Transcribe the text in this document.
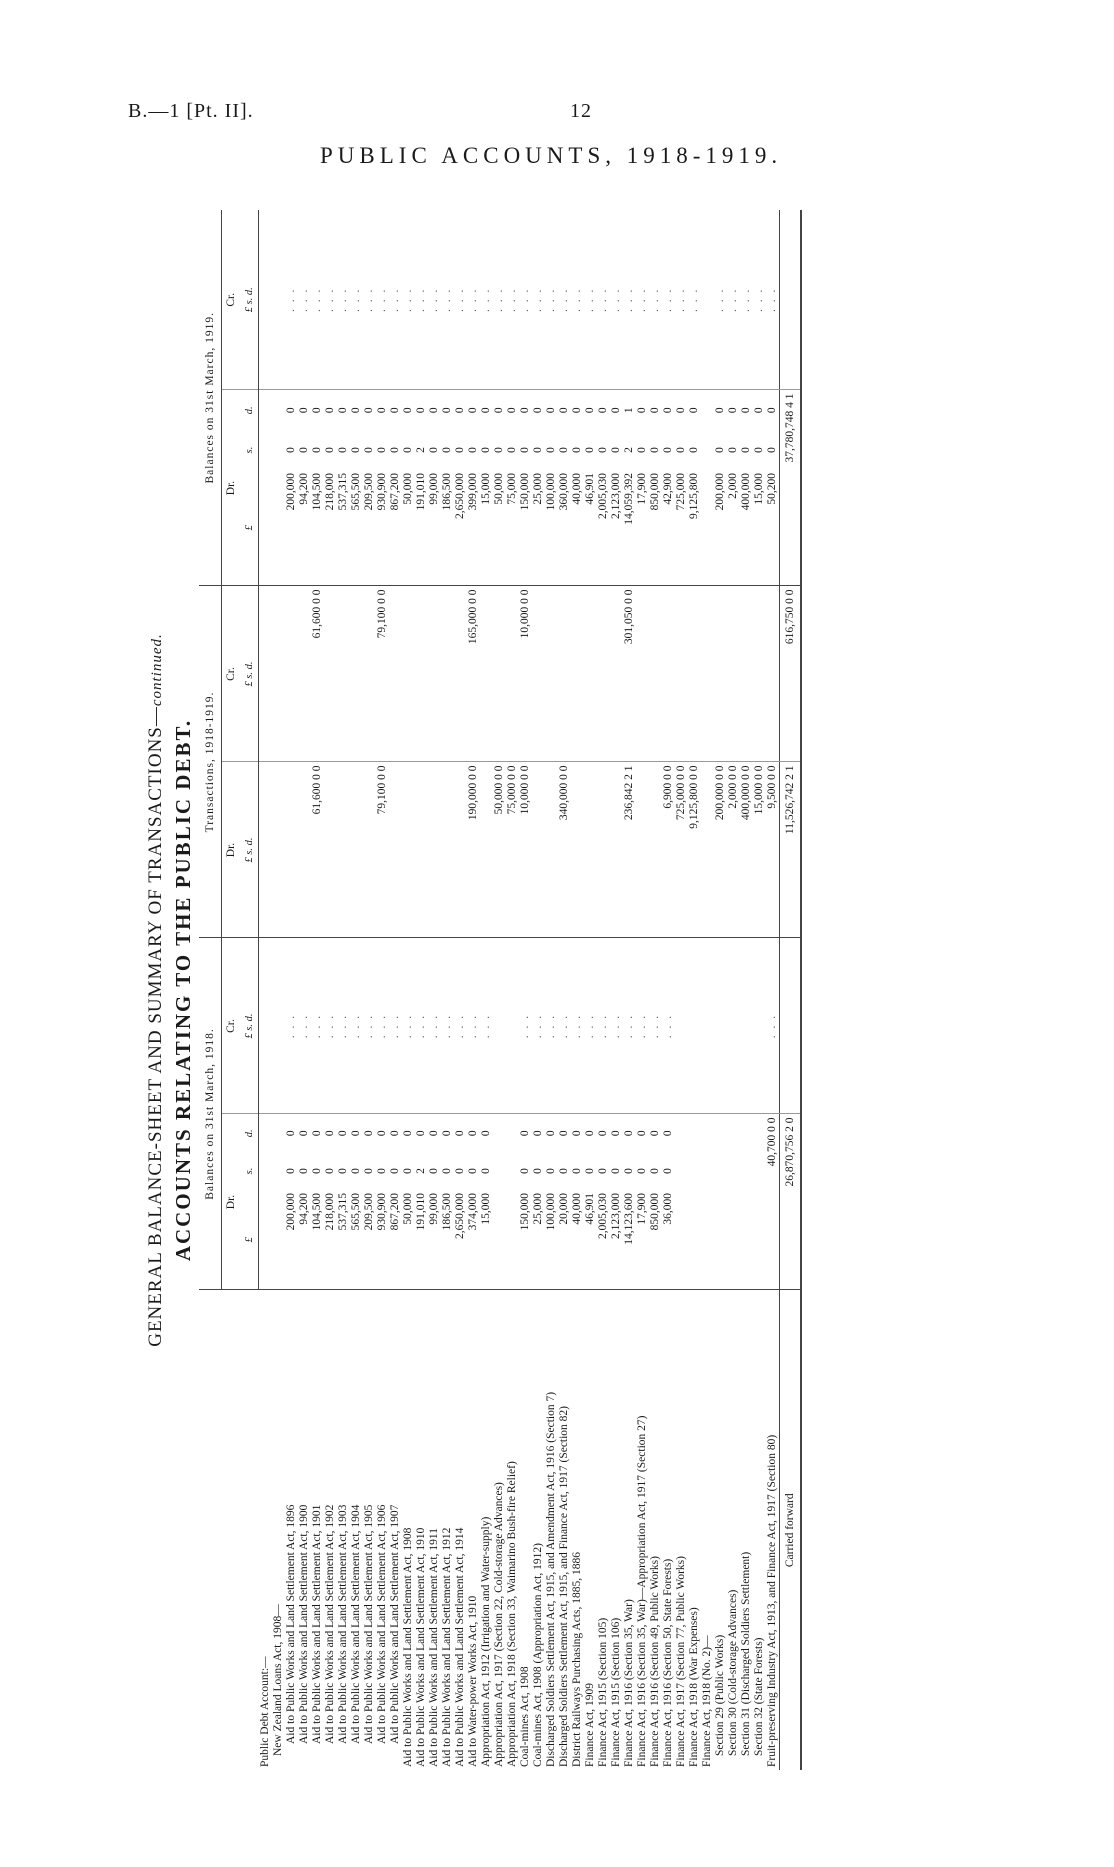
B.—1 [Pt. II].	12
PUBLIC ACCOUNTS, 1918-1919.
GENERAL BALANCE-SHEET AND SUMMARY OF TRANSACTIONS—continued.
ACCOUNTS RELATING TO THE PUBLIC DEBT.
	Balances on 31st March, 1918.				Transactions, 1918-1919.		Balances on 31st March, 1919.			
	Dr.			Cr.	Dr.	Cr.	Dr.			Cr.
	£	s.	d.	£ s. d.	£ s. d.	£ s. d.	£	s.	d.	£ s. d.
Public Debt Account:—										
New Zealand Loans Act, 1908—										
Aid to Public Works and Land Settlement Act, 1896	200,000	0	0	. . .			200,000	0	0	. . .
Aid to Public Works and Land Settlement Act, 1900	94,200	0	0	. . .			94,200	0	0	. . .
Aid to Public Works and Land Settlement Act, 1901	104,500	0	0	. . .	61,600 0 0	61,600 0 0	104,500	0	0	. . .
Aid to Public Works and Land Settlement Act, 1902	218,000	0	0	. . .			218,000	0	0	. . .
Aid to Public Works and Land Settlement Act, 1903	537,315	0	0	. . .			537,315	0	0	. . .
Aid to Public Works and Land Settlement Act, 1904	565,500	0	0	. . .			565,500	0	0	. . .
Aid to Public Works and Land Settlement Act, 1905	209,500	0	0	. . .			209,500	0	0	. . .
Aid to Public Works and Land Settlement Act, 1906	930,900	0	0	. . .	79,100 0 0	79,100 0 0	930,900	0	0	. . .
Aid to Public Works and Land Settlement Act, 1907	867,200	0	0	. . .			867,200	0	0	. . .
Aid to Public Works and Land Settlement Act, 1908	50,000	0	0	. . .			50,000	0	0	. . .
Aid to Public Works and Land Settlement Act, 1910	191,010	2	0	. . .			191,010	2	0	. . .
Aid to Public Works and Land Settlement Act, 1911	99,000	0	0	. . .			99,000	0	0	. . .
Aid to Public Works and Land Settlement Act, 1912	186,500	0	0	. . .			186,500	0	0	. . .
Aid to Public Works and Land Settlement Act, 1914	2,650,000	0	0	. . .			2,650,000	0	0	. . .
Aid to Water-power Works Act, 1910	374,000	0	0	. . .	190,000 0 0	165,000 0 0	399,000	0	0	. . .
Appropriation Act, 1912 (Irrigation and Water-supply)	15,000	0	0	. . .			15,000	0	0	. . .
Appropriation Act, 1917 (Section 22, Cold-storage Advances)					50,000 0 0		50,000	0	0	. . .
Appropriation Act, 1918 (Section 33, Waimarino Bush-fire Relief)					75,000 0 0		75,000	0	0	. . .
Coal-mines Act, 1908	150,000	0	0	. . .	10,000 0 0	10,000 0 0	150,000	0	0	. . .
Coal-mines Act, 1908 (Appropriation Act, 1912)	25,000	0	0	. . .			25,000	0	0	. . .
Discharged Soldiers Settlement Act, 1915, and Amendment Act, 1916 (Section 7)	100,000	0	0	. . .			100,000	0	0	. . .
Discharged Soldiers Settlement Act, 1915, and Finance Act, 1917 (Section 82)	20,000	0	0	. . .	340,000 0 0		360,000	0	0	. . .
District Railways Purchasing Acts, 1885, 1886	40,000	0	0	. . .			40,000	0	0	. . .
Finance Act, 1909	46,901	0	0	. . .			46,901	0	0	. . .
Finance Act, 1915 (Section 105)	2,005,030	0	0	. . .			2,005,030	0	0	. . .
Finance Act, 1915 (Section 106)	2,123,000	0	0	. . .			2,123,000	0	0	. . .
Finance Act, 1916 (Section 35, War)	14,123,600	0	0	. . .	236,842 2 1	301,050 0 0	14,059,392	2	1	. . .
Finance Act, 1916 (Section 35, War)—Appropriation Act, 1917 (Section 27)	17,900	0	0	. . .			17,900	0	0	. . .
Finance Act, 1916 (Section 49, Public Works)	850,000	0	0	. . .			850,000	0	0	. . .
Finance Act, 1916 (Section 50, State Forests)	36,000	0	0	. . .	6,900 0 0		42,900	0	0	. . .
Finance Act, 1917 (Section 77, Public Works)					725,000 0 0		725,000	0	0	. . .
Finance Act, 1918 (War Expenses)					9,125,800 0 0		9,125,800	0	0	. . .
Finance Act, 1918 (No. 2)—										
Section 29 (Public Works)					200,000 0 0		200,000	0	0	. . .
Section 30 (Cold-storage Advances)					2,000 0 0		2,000	0	0	. . .
Section 31 (Discharged Soldiers Settlement)					400,000 0 0		400,000	0	0	. . .
Section 32 (State Forests)					15,000 0 0		15,000	0	0	. . .
Fruit-preserving Industry Act, 1913, and Finance Act, 1917 (Section 80)	40,700 0 0			. . .	9,500 0 0		50,200	0	0	. . .
Carried forward	26,870,756 2 0				11,526,742 2 1	616,750 0 0	37,780,748 4 1			
